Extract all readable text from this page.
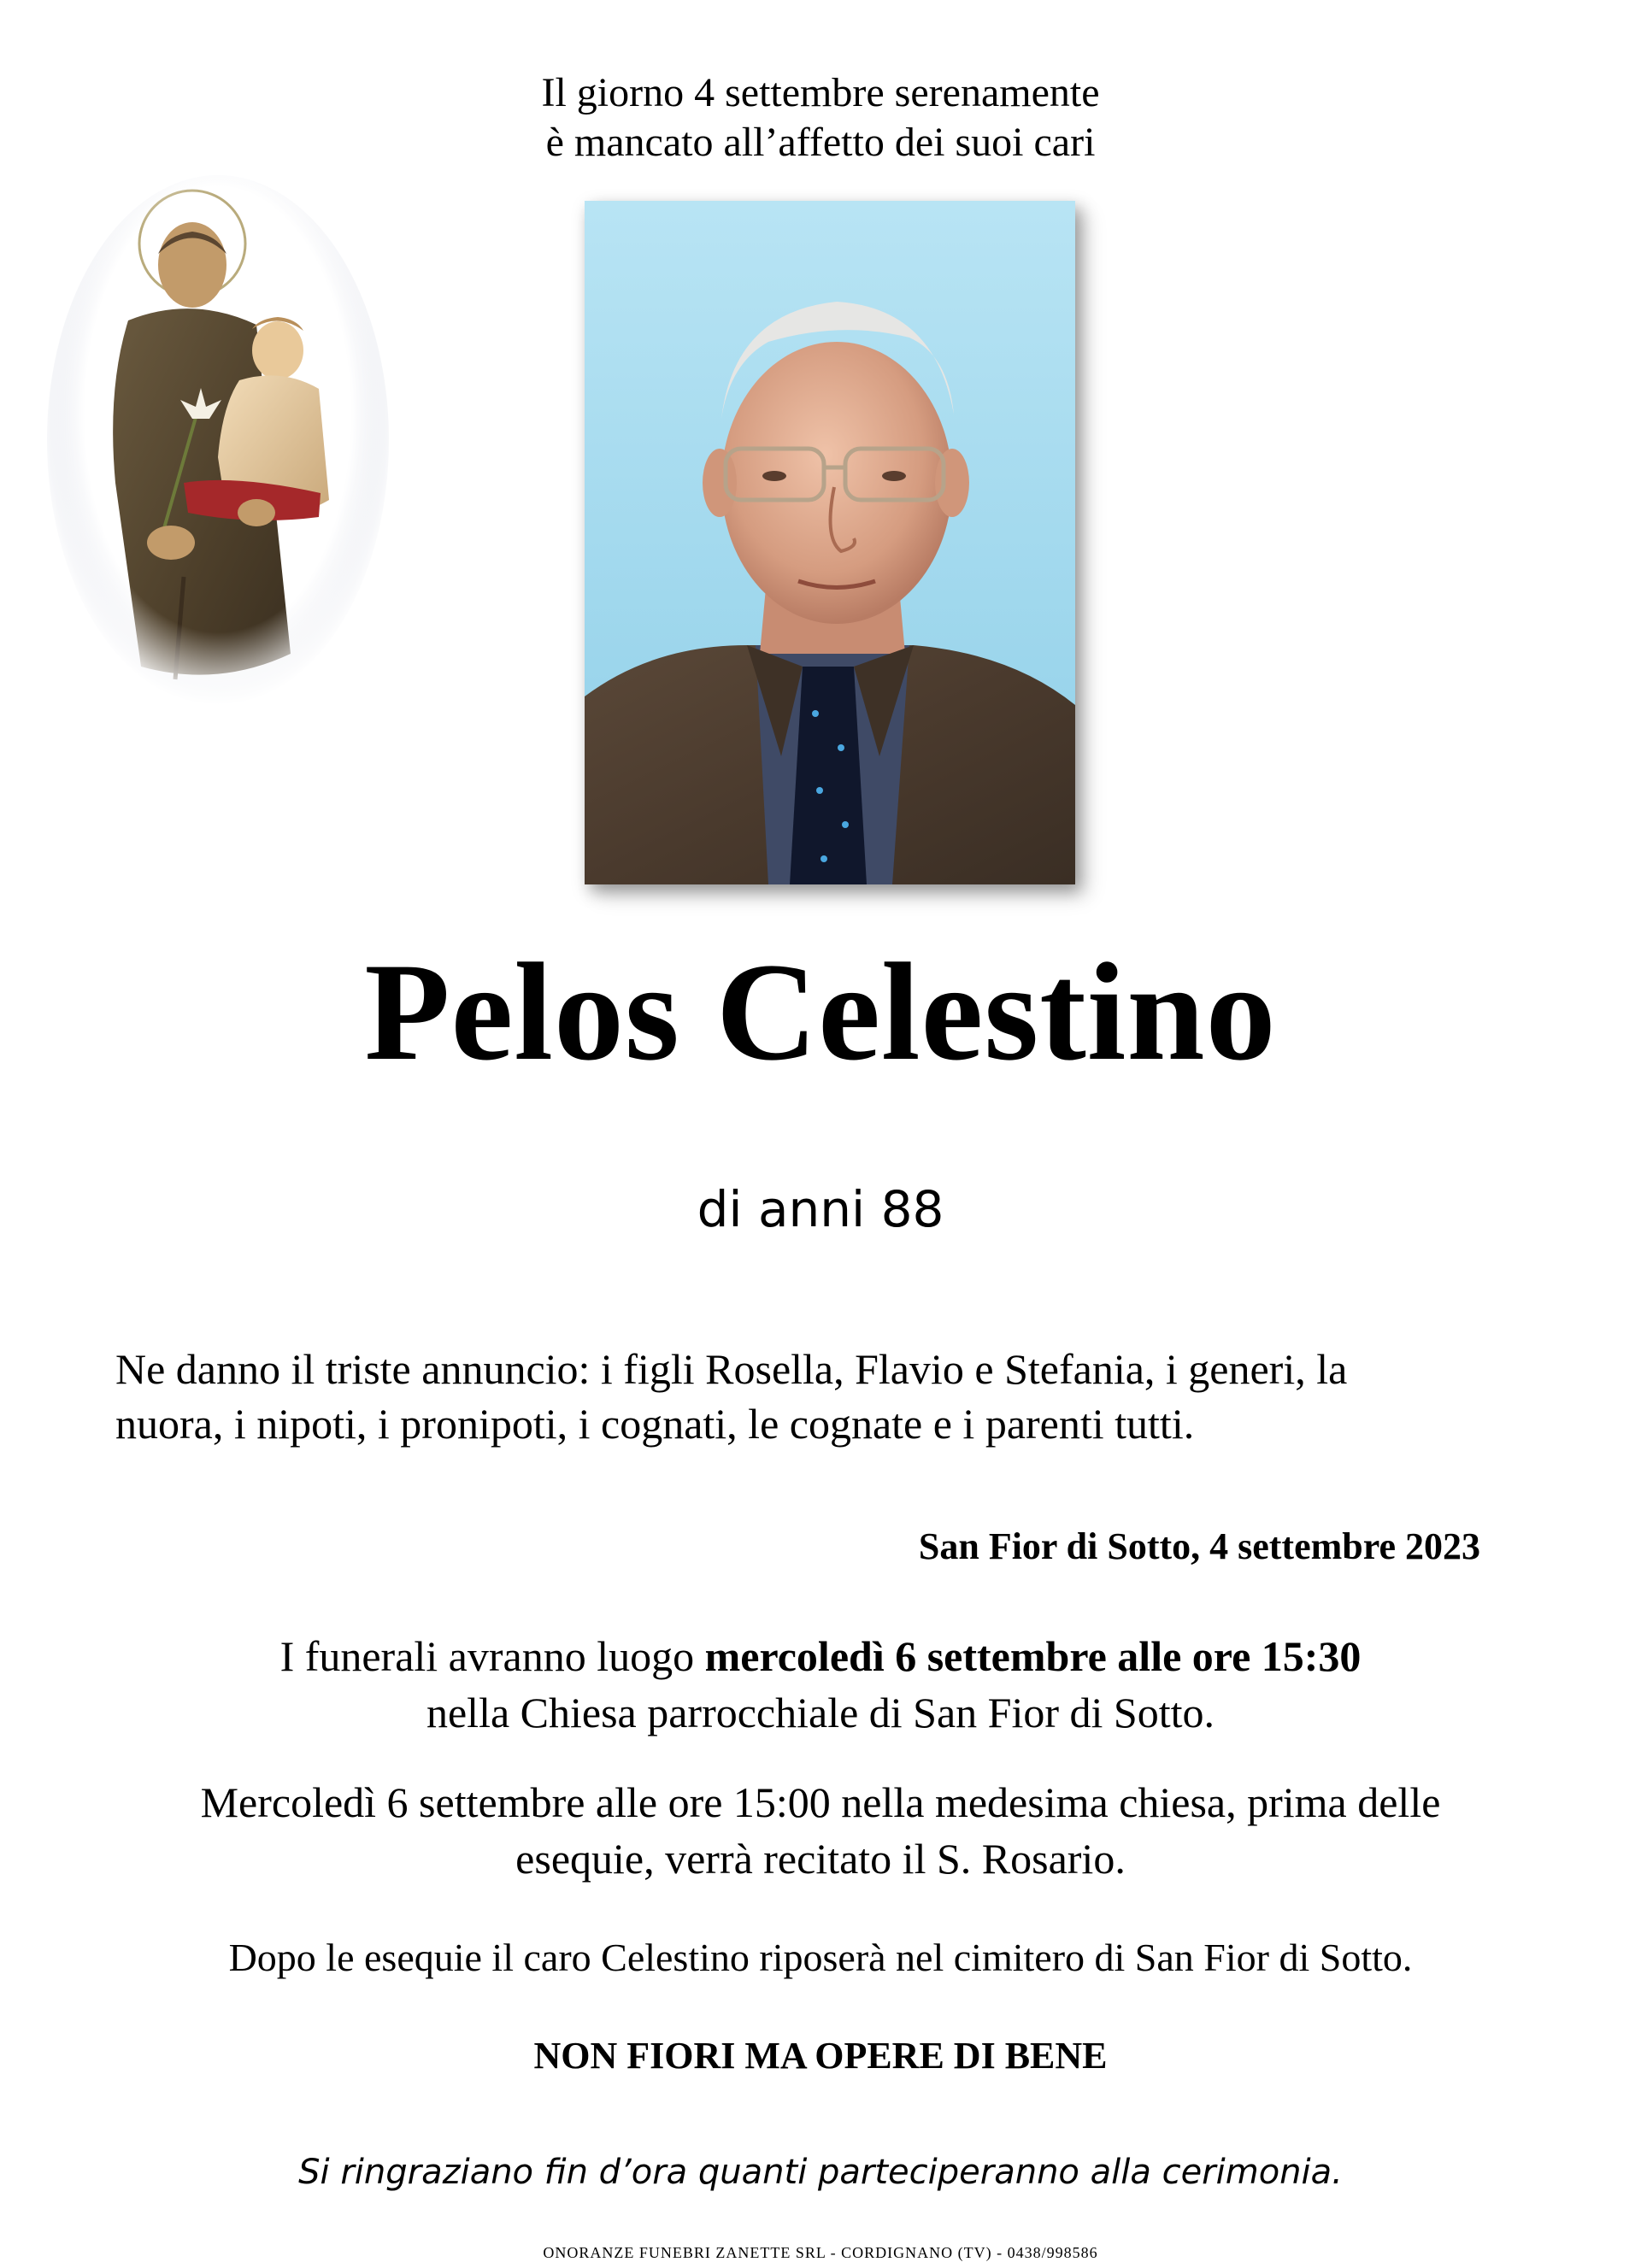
Il giorno 4 settembre serenamente
è mancato all’affetto dei suoi cari
Pelos Celestino
di anni 88
Ne danno il triste annuncio: i figli Rosella, Flavio e Stefania, i generi, la
nuora, i nipoti, i pronipoti, i cognati, le cognate e i parenti tutti.
San Fior di Sotto, 4 settembre 2023
I funerali avranno luogo mercoledì 6 settembre alle ore 15:30
nella Chiesa parrocchiale di San Fior di Sotto.
Mercoledì 6 settembre alle ore 15:00 nella medesima chiesa, prima delle
esequie, verrà recitato il S. Rosario.
Dopo le esequie il caro Celestino riposerà nel cimitero di San Fior di Sotto.
NON FIORI MA OPERE DI BENE
Si ringraziano fin d’ora quanti parteciperanno alla cerimonia.
ONORANZE FUNEBRI ZANETTE SRL - CORDIGNANO (TV) - 0438/998586
